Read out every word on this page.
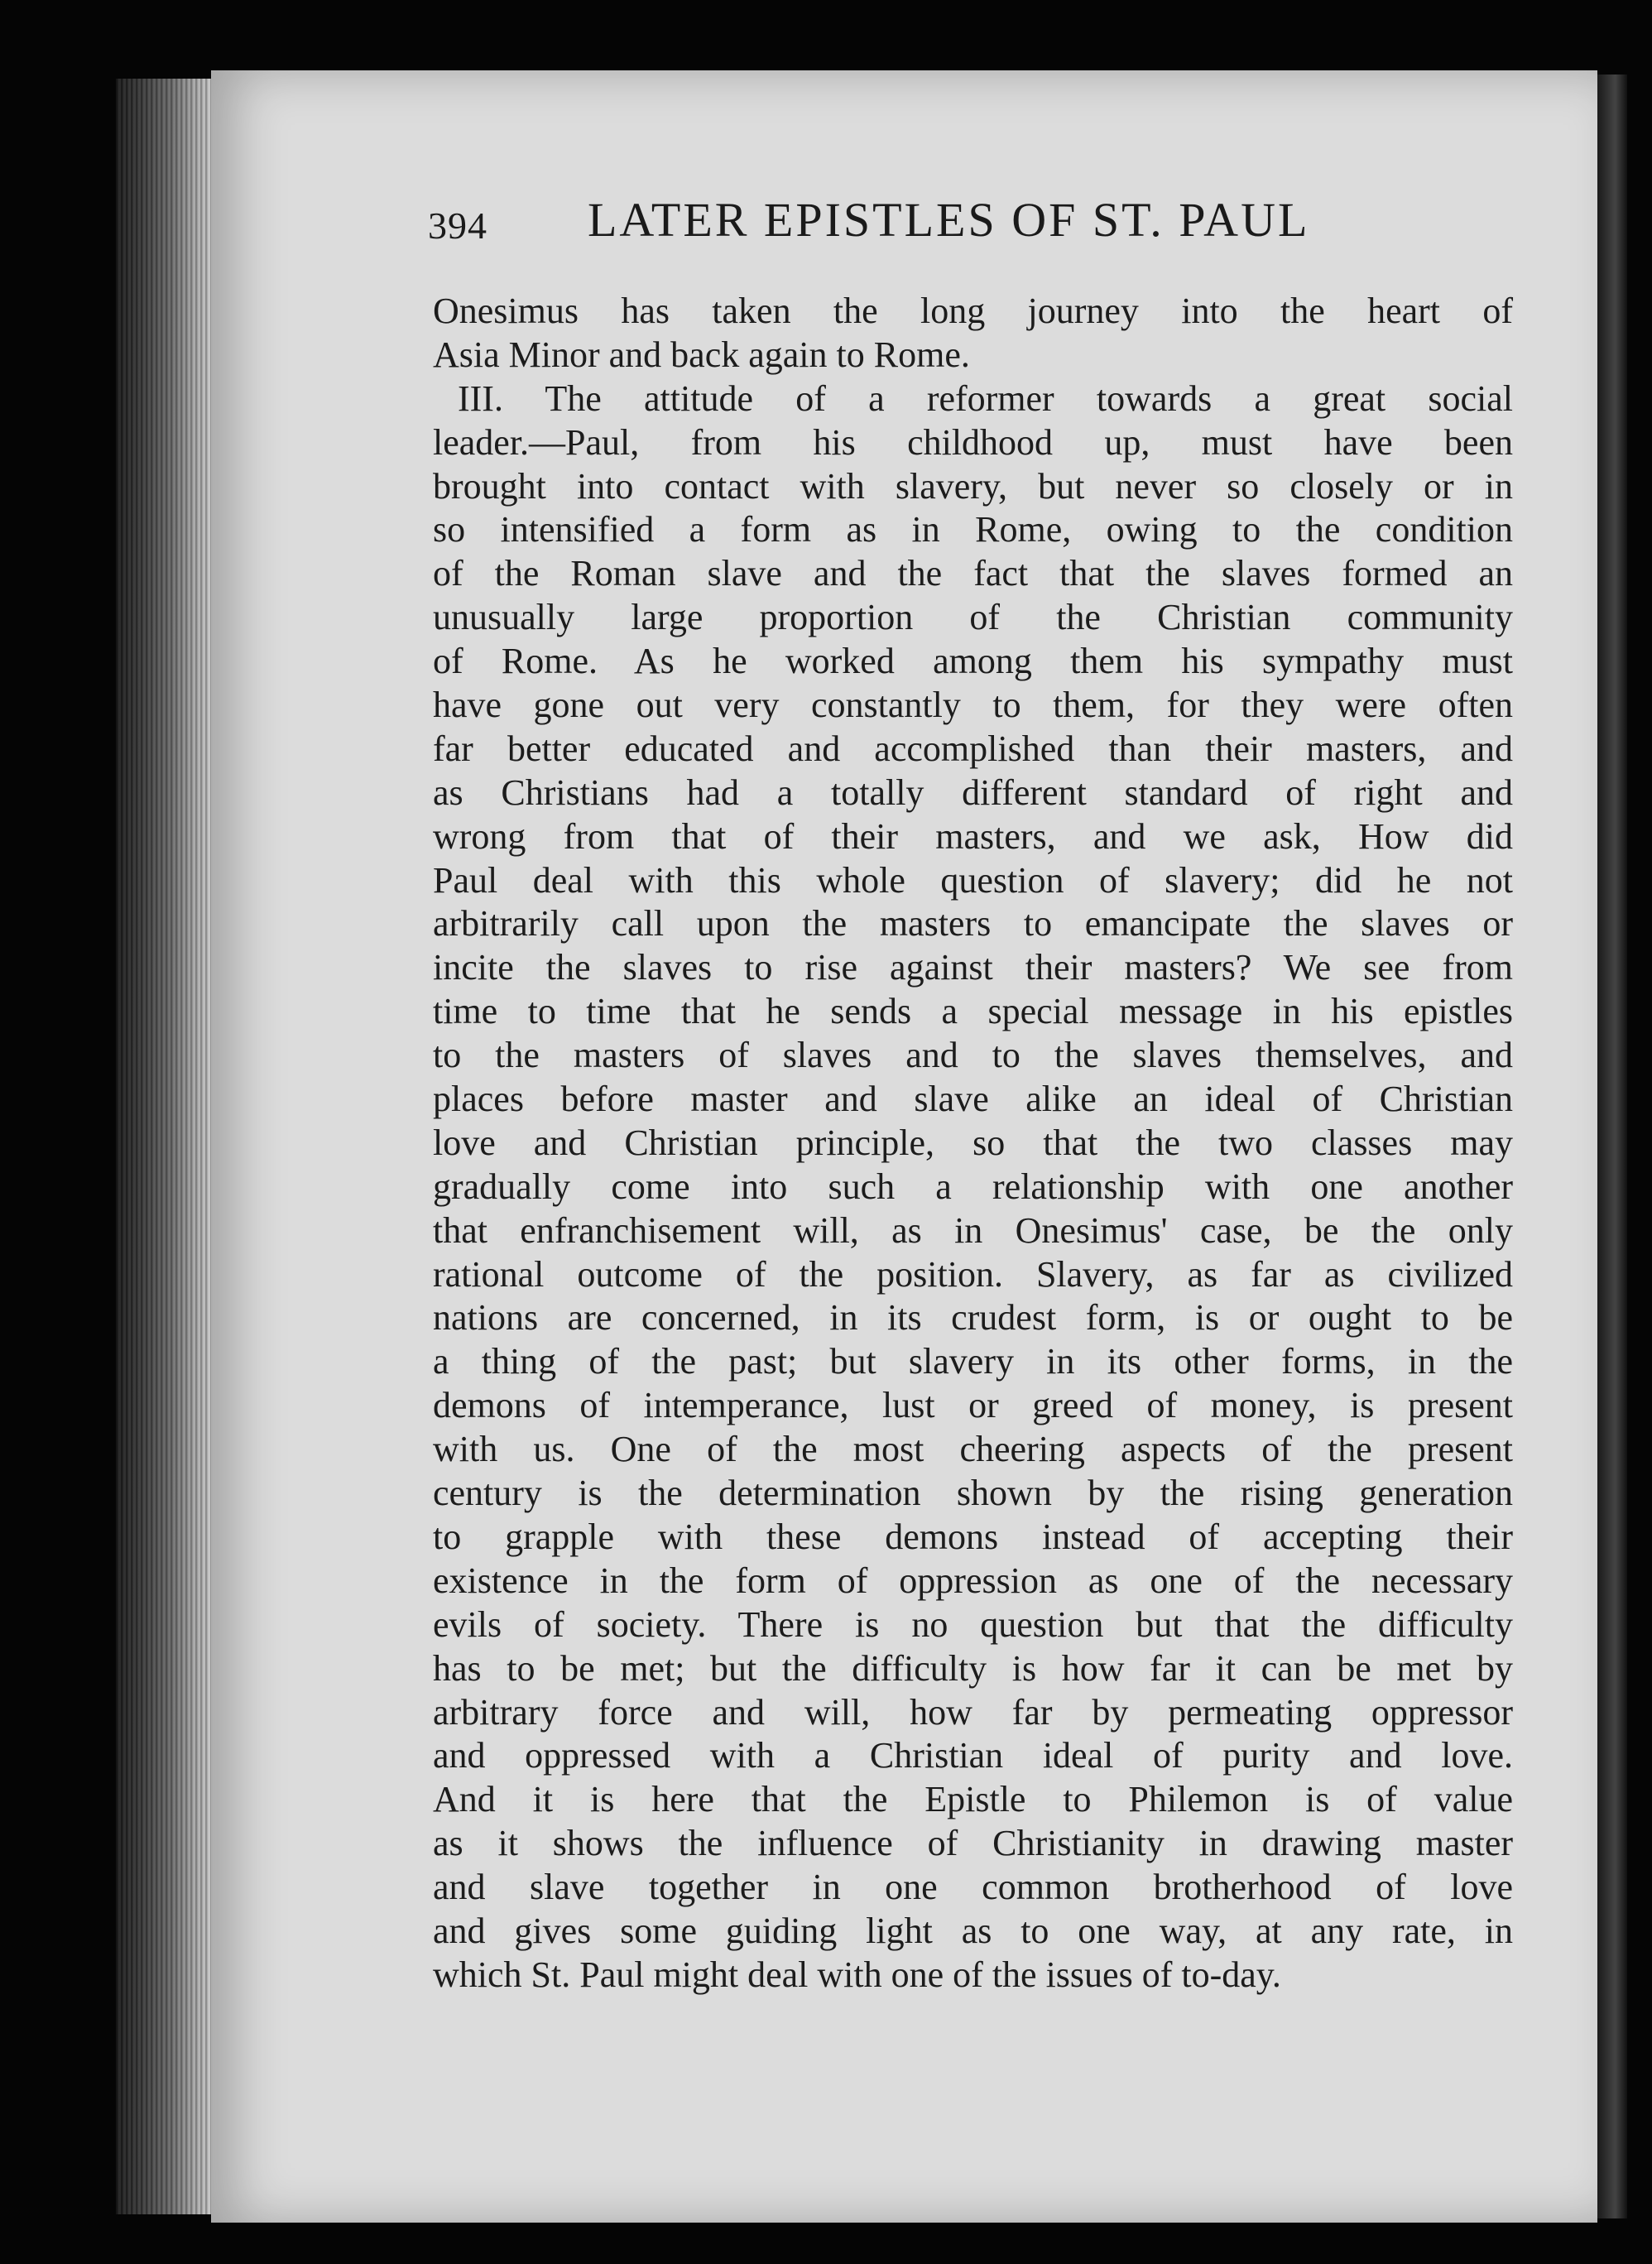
394 LATER EPISTLES OF ST. PAUL
Onesimus has taken the long journey into the heart of
Asia Minor and back again to Rome.
III. The attitude of a reformer towards a great social
leader.—Paul, from his childhood up, must have been
brought into contact with slavery, but never so closely or in
so intensified a form as in Rome, owing to the condition
of the Roman slave and the fact that the slaves formed an
unusually large proportion of the Christian community
of Rome. As he worked among them his sympathy must
have gone out very constantly to them, for they were often
far better educated and accomplished than their masters, and
as Christians had a totally different standard of right and
wrong from that of their masters, and we ask, How did
Paul deal with this whole question of slavery; did he not
arbitrarily call upon the masters to emancipate the slaves or
incite the slaves to rise against their masters? We see from
time to time that he sends a special message in his epistles
to the masters of slaves and to the slaves themselves, and
places before master and slave alike an ideal of Christian
love and Christian principle, so that the two classes may
gradually come into such a relationship with one another
that enfranchisement will, as in Onesimus' case, be the only
rational outcome of the position. Slavery, as far as civilized
nations are concerned, in its crudest form, is or ought to be
a thing of the past; but slavery in its other forms, in the
demons of intemperance, lust or greed of money, is present
with us. One of the most cheering aspects of the present
century is the determination shown by the rising generation
to grapple with these demons instead of accepting their
existence in the form of oppression as one of the necessary
evils of society. There is no question but that the difficulty
has to be met; but the difficulty is how far it can be met by
arbitrary force and will, how far by permeating oppressor
and oppressed with a Christian ideal of purity and love.
And it is here that the Epistle to Philemon is of value
as it shows the influence of Christianity in drawing master
and slave together in one common brotherhood of love
and gives some guiding light as to one way, at any rate, in
which St. Paul might deal with one of the issues of to-day.
